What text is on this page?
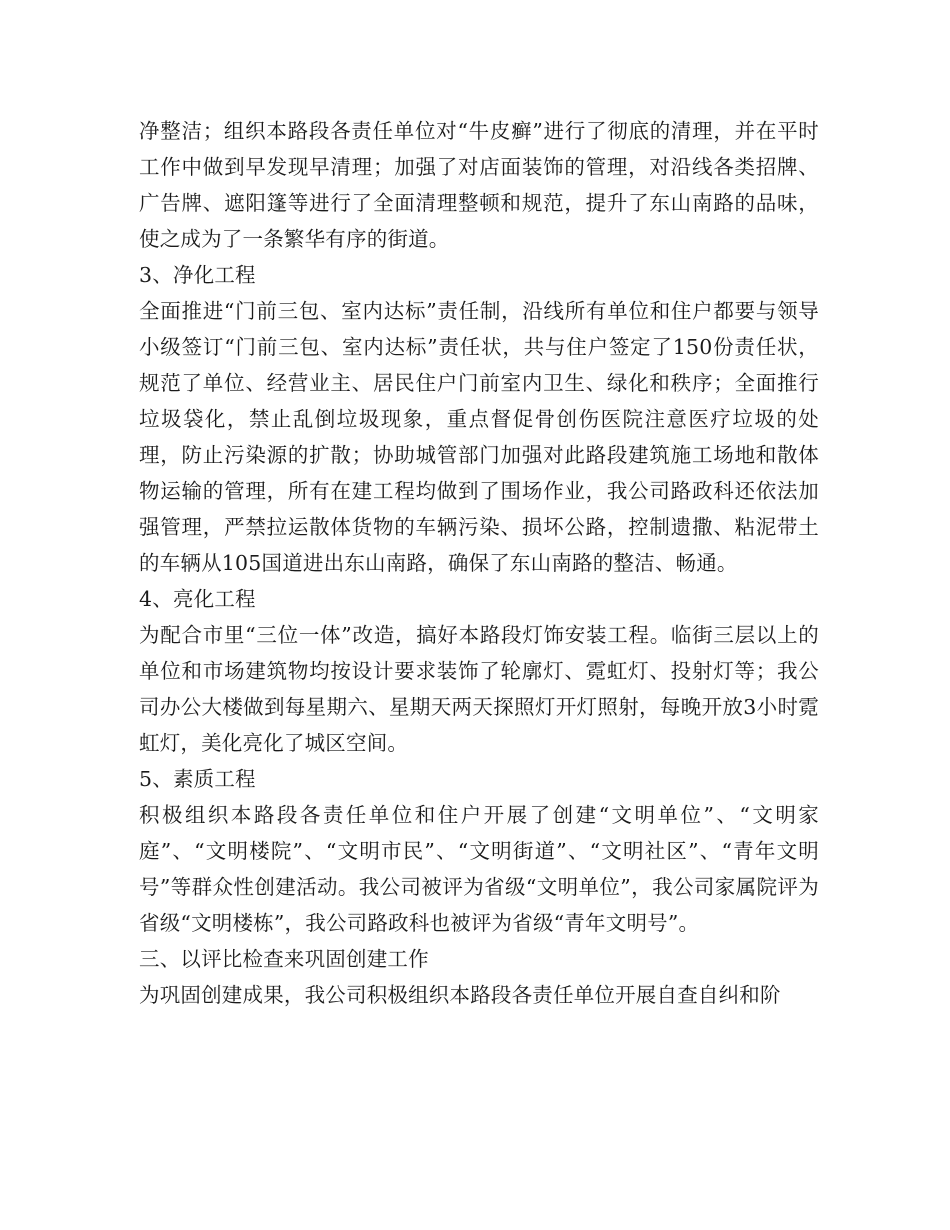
净整洁；组织本路段各责任单位对“牛皮癣”进行了彻底的清理，并在平时工作中做到早发现早清理；加强了对店面装饰的管理，对沿线各类招牌、广告牌、遮阳篷等进行了全面清理整顿和规范，提升了东山南路的品味，使之成为了一条繁华有序的街道。

3、净化工程

全面推进“门前三包、室内达标”责任制，沿线所有单位和住户都要与领导小级签订“门前三包、室内达标”责任状，共与住户签定了150份责任状，规范了单位、经营业主、居民住户门前室内卫生、绿化和秩序；全面推行垃圾袋化，禁止乱倒垃圾现象，重点督促骨创伤医院注意医疗垃圾的处理，防止污染源的扩散；协助城管部门加强对此路段建筑施工场地和散体物运输的管理，所有在建工程均做到了围场作业，我公司路政科还依法加强管理，严禁拉运散体货物的车辆污染、损坏公路，控制遗撒、粘泥带土的车辆从105国道进出东山南路，确保了东山南路的整洁、畅通。

4、亮化工程

为配合市里“三位一体”改造，搞好本路段灯饰安装工程。临街三层以上的单位和市场建筑物均按设计要求装饰了轮廓灯、霓虹灯、投射灯等；我公司办公大楼做到每星期六、星期天两天探照灯开灯照射，每晚开放3小时霓虹灯，美化亮化了城区空间。

5、素质工程

积极组织本路段各责任单位和住户开展了创建“文明单位”、“文明家庭”、“文明楼院”、“文明市民”、“文明街道”、“文明社区”、“青年文明号”等群众性创建活动。我公司被评为省级“文明单位”，我公司家属院评为省级“文明楼栋”，我公司路政科也被评为省级“青年文明号”。

三、以评比检查来巩固创建工作

为巩固创建成果，我公司积极组织本路段各责任单位开展自查自纠和阶
